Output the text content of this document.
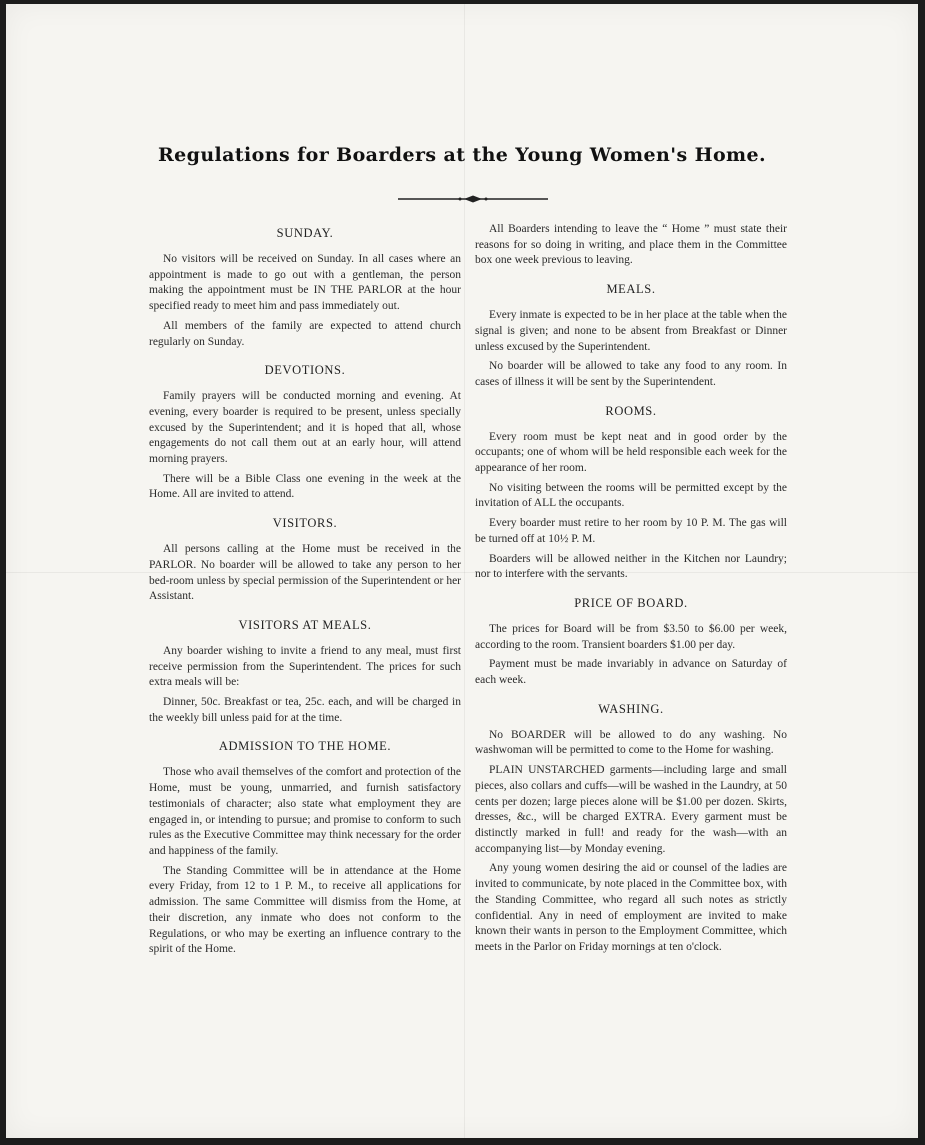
Regulations for Boarders at the Young Women's Home.
SUNDAY.

No visitors will be received on Sunday. In all cases where an appointment is made to go out with a gentleman, the person making the appointment must be IN THE PARLOR at the hour specified ready to meet him and pass immediately out.

All members of the family are expected to attend church regularly on Sunday.

DEVOTIONS.

Family prayers will be conducted morning and evening. At evening, every boarder is required to be present, unless specially excused by the Superintendent; and it is hoped that all, whose engagements do not call them out at an early hour, will attend morning prayers.

There will be a Bible Class one evening in the week at the Home. All are invited to attend.

VISITORS.

All persons calling at the Home must be received in the PARLOR. No boarder will be allowed to take any person to her bed-room unless by special permission of the Superintendent or her Assistant.

VISITORS AT MEALS.

Any boarder wishing to invite a friend to any meal, must first receive permission from the Superintendent. The prices for such extra meals will be:

Dinner, 50c. Breakfast or tea, 25c. each, and will be charged in the weekly bill unless paid for at the time.

ADMISSION TO THE HOME.

Those who avail themselves of the comfort and protection of the Home, must be young, unmarried, and furnish satisfactory testimonials of character; also state what employment they are engaged in, or intending to pursue; and promise to conform to such rules as the Executive Committee may think necessary for the order and happiness of the family.

The Standing Committee will be in attendance at the Home every Friday, from 12 to 1 P. M., to receive all applications for admission. The same Committee will dismiss from the Home, at their discretion, any inmate who does not conform to the Regulations, or who may be exerting an influence contrary to the spirit of the Home.

All Boarders intending to leave the “ Home ” must state their reasons for so doing in writing, and place them in the Committee box one week previous to leaving.

MEALS.

Every inmate is expected to be in her place at the table when the signal is given; and none to be absent from Breakfast or Dinner unless excused by the Superintendent.

No boarder will be allowed to take any food to any room. In cases of illness it will be sent by the Superintendent.

ROOMS.

Every room must be kept neat and in good order by the occupants; one of whom will be held responsible each week for the appearance of her room.

No visiting between the rooms will be permitted except by the invitation of ALL the occupants.

Every boarder must retire to her room by 10 P. M. The gas will be turned off at 10½ P. M.

Boarders will be allowed neither in the Kitchen nor Laundry; nor to interfere with the servants.

PRICE OF BOARD.

The prices for Board will be from $3.50 to $6.00 per week, according to the room. Transient boarders $1.00 per day.

Payment must be made invariably in advance on Saturday of each week.

WASHING.

No BOARDER will be allowed to do any washing. No washwoman will be permitted to come to the Home for washing.

PLAIN UNSTARCHED garments—including large and small pieces, also collars and cuffs—will be washed in the Laundry, at 50 cents per dozen; large pieces alone will be $1.00 per dozen. Skirts, dresses, &c., will be charged EXTRA. Every garment must be distinctly marked in full! and ready for the wash—with an accompanying list—by Monday evening.

Any young women desiring the aid or counsel of the ladies are invited to communicate, by note placed in the Committee box, with the Standing Committee, who regard all such notes as strictly confidential. Any in need of employment are invited to make known their wants in person to the Employment Committee, which meets in the Parlor on Friday mornings at ten o'clock.
